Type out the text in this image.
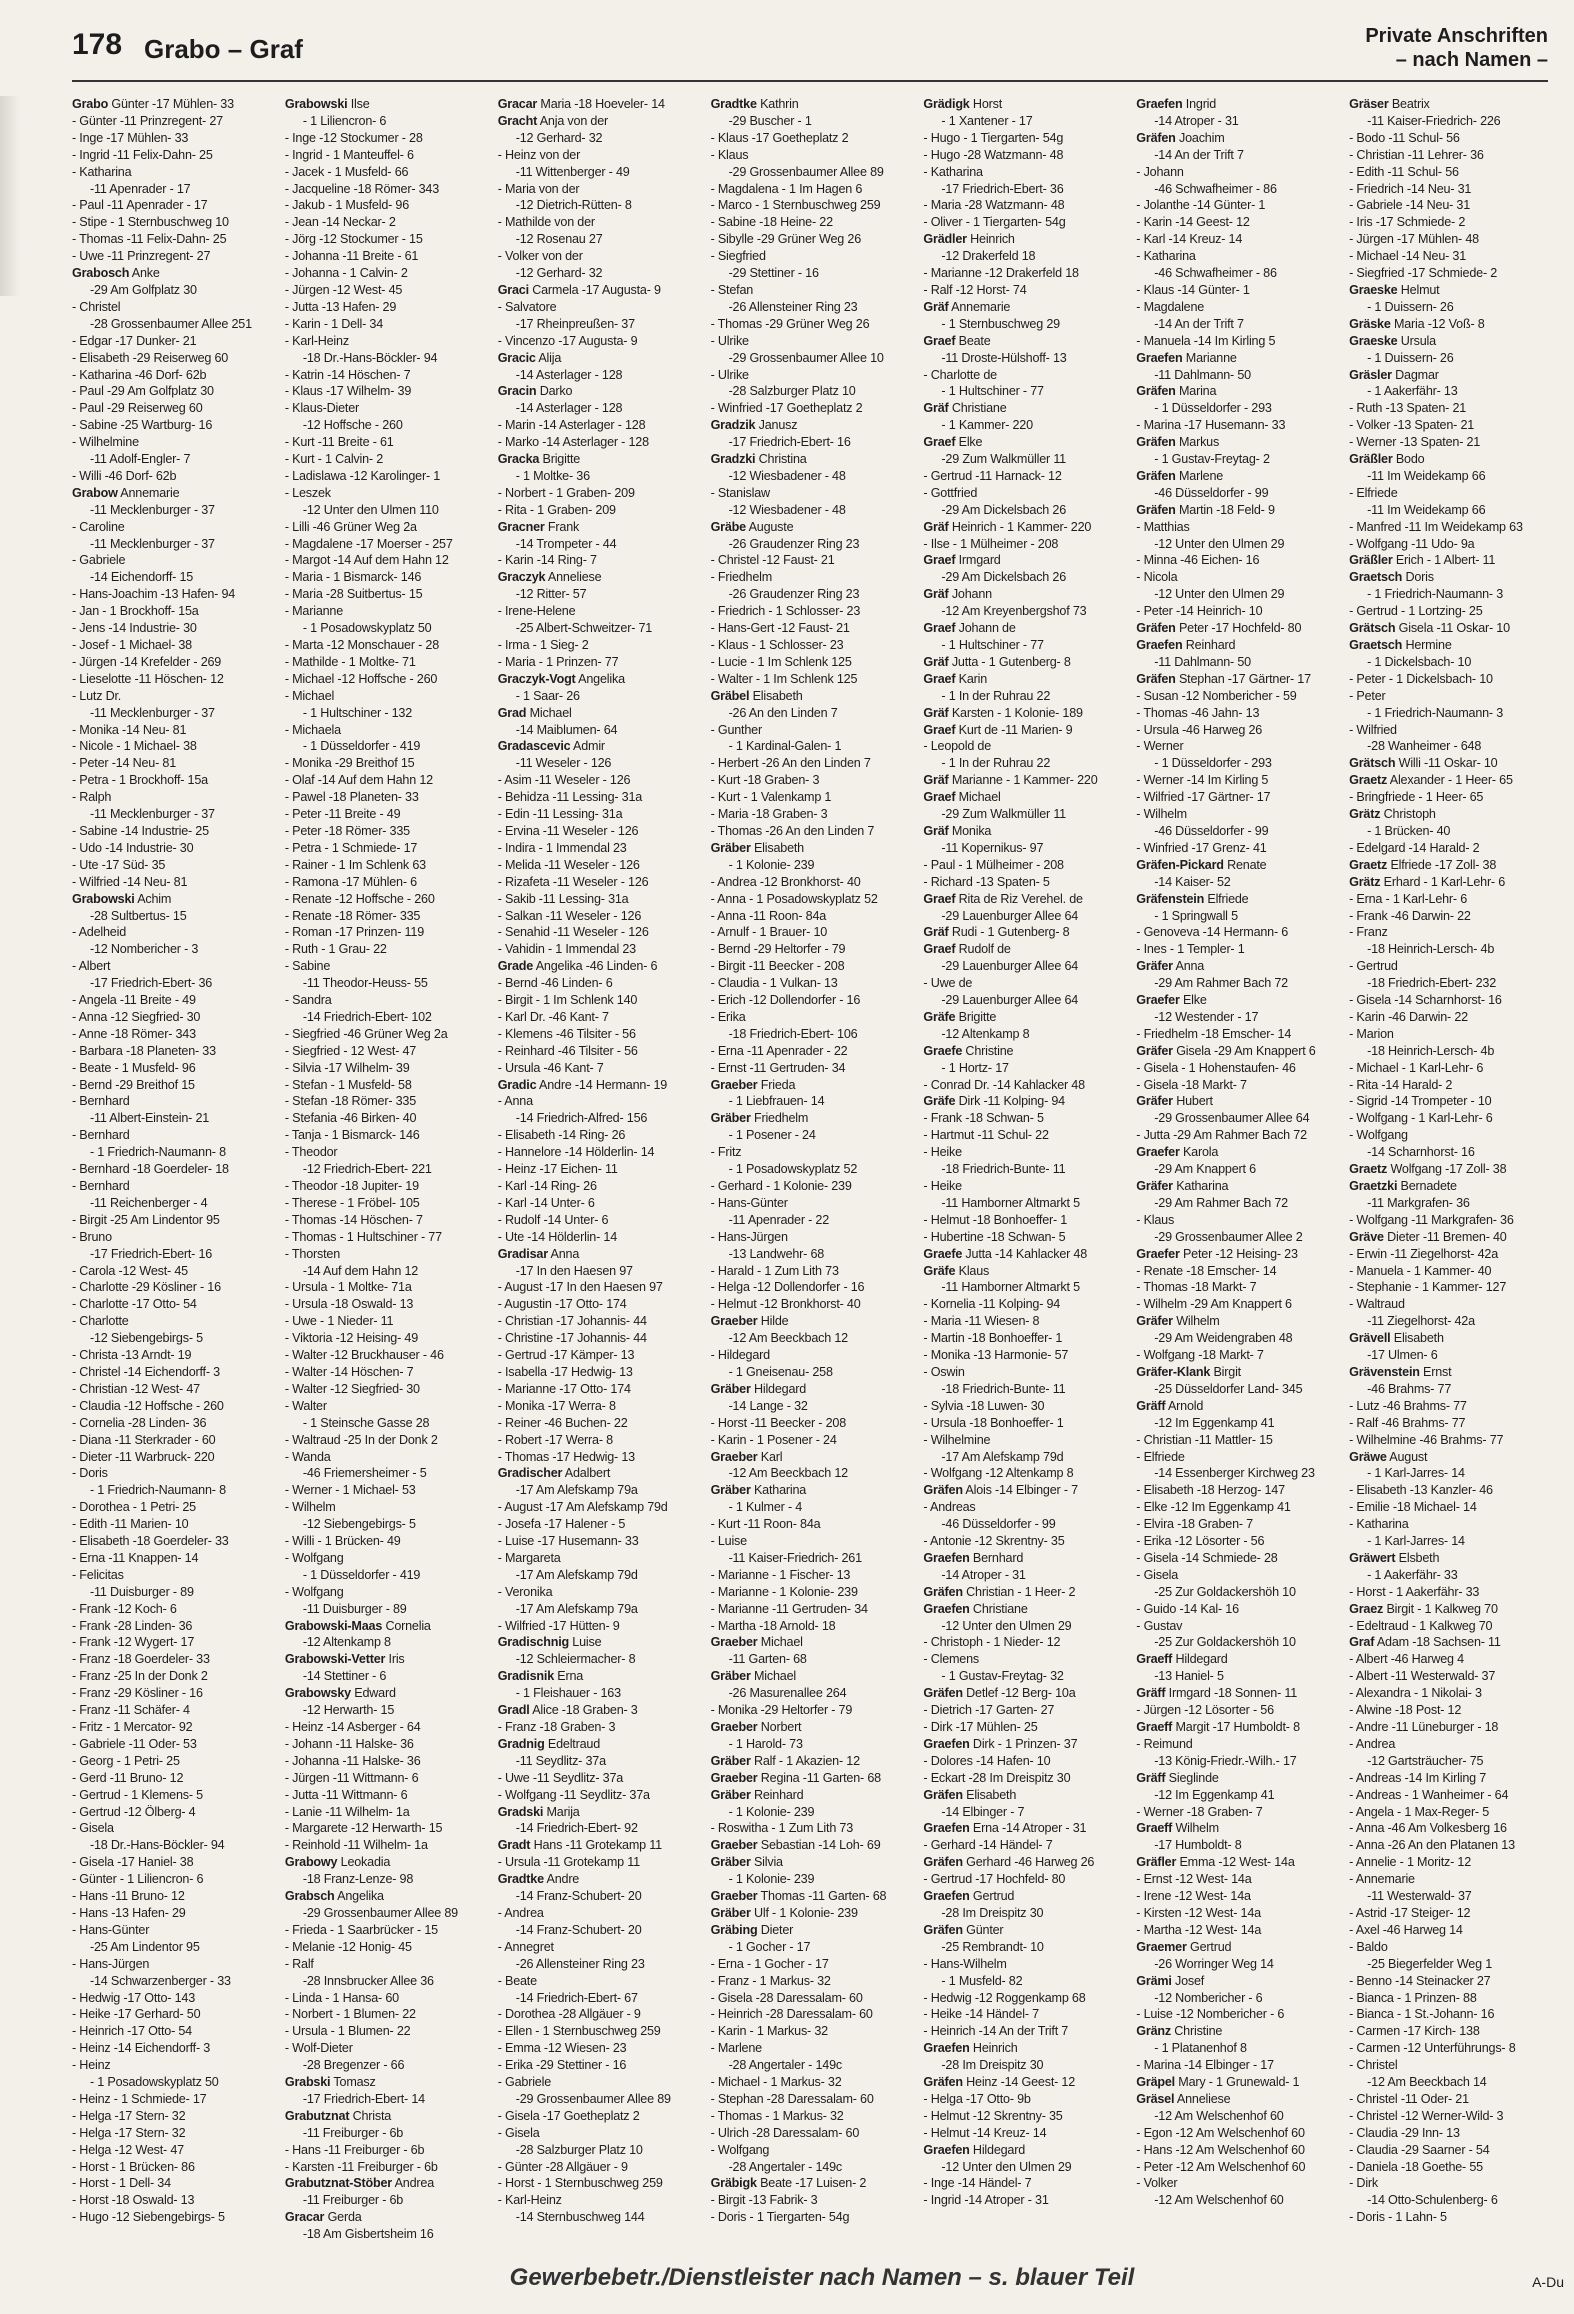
178 Grabo – Graf	Private Anschriften
– nach Namen –
Grabo Günter -17 Mühlen- 33
- Günter -11 Prinzregent- 27
- Inge -17 Mühlen- 33
- Ingrid -11 Felix-Dahn- 25
- Katharina
-11 Apenrader - 17
- Paul -11 Apenrader - 17
- Stipe - 1 Sternbuschweg 10
- Thomas -11 Felix-Dahn- 25
- Uwe -11 Prinzregent- 27
Grabosch Anke
-29 Am Golfplatz 30
- Christel
-28 Grossenbaumer Allee 251
- Edgar -17 Dunker- 21
- Elisabeth -29 Reiserweg 60
- Katharina -46 Dorf- 62b
- Paul -29 Am Golfplatz 30
- Paul -29 Reiserweg 60
- Sabine -25 Wartburg- 16
- Wilhelmine
-11 Adolf-Engler- 7
- Willi -46 Dorf- 62b
Grabow Annemarie
-11 Mecklenburger - 37
- Caroline
-11 Mecklenburger - 37
- Gabriele
-14 Eichendorff- 15
- Hans-Joachim -13 Hafen- 94
- Jan - 1 Brockhoff- 15a
- Jens -14 Industrie- 30
- Josef - 1 Michael- 38
- Jürgen -14 Krefelder - 269
- Lieselotte -11 Höschen- 12
- Lutz Dr.
-11 Mecklenburger - 37
- Monika -14 Neu- 81
- Nicole - 1 Michael- 38
- Peter -14 Neu- 81
- Petra - 1 Brockhoff- 15a
- Ralph
-11 Mecklenburger - 37
- Sabine -14 Industrie- 25
- Udo -14 Industrie- 30
- Ute -17 Süd- 35
- Wilfried -14 Neu- 81
Grabowski Achim
-28 Sultbertus- 15
- Adelheid
-12 Nombericher - 3
- Albert
-17 Friedrich-Ebert- 36
- Angela -11 Breite - 49
- Anna -12 Siegfried- 30
- Anne -18 Römer- 343
- Barbara -18 Planeten- 33
- Beate - 1 Musfeld- 96
- Bernd -29 Breithof 15
- Bernhard
-11 Albert-Einstein- 21
- Bernhard
- 1 Friedrich-Naumann- 8
- Bernhard -18 Goerdeler- 18
- Bernhard
-11 Reichenberger - 4
- Birgit -25 Am Lindentor 95
- Bruno
-17 Friedrich-Ebert- 16
- Carola -12 West- 45
- Charlotte -29 Kösliner - 16
- Charlotte -17 Otto- 54
- Charlotte
-12 Siebengebirgs- 5
- Christa -13 Arndt- 19
- Christel -14 Eichendorff- 3
- Christian -12 West- 47
- Claudia -12 Hoffsche - 260
- Cornelia -28 Linden- 36
- Diana -11 Sterkrader - 60
- Dieter -11 Warbruck- 220
- Doris
- 1 Friedrich-Naumann- 8
- Dorothea - 1 Petri- 25
- Edith -11 Marien- 10
- Elisabeth -18 Goerdeler- 33
- Erna -11 Knappen- 14
- Felicitas
-11 Duisburger - 89
- Frank -12 Koch- 6
- Frank -28 Linden- 36
- Frank -12 Wygert- 17
- Franz -18 Goerdeler- 33
- Franz -25 In der Donk 2
- Franz -29 Kösliner - 16
- Franz -11 Schäfer- 4
- Fritz - 1 Mercator- 92
- Gabriele -11 Oder- 53
- Georg - 1 Petri- 25
- Gerd -11 Bruno- 12
- Gertrud - 1 Klemens- 5
- Gertrud -12 Ölberg- 4
- Gisela
-18 Dr.-Hans-Böckler- 94
- Gisela -17 Haniel- 38
- Günter - 1 Liliencron- 6
- Hans -11 Bruno- 12
- Hans -13 Hafen- 29
- Hans-Günter
-25 Am Lindentor 95
- Hans-Jürgen
-14 Schwarzenberger - 33
- Hedwig -17 Otto- 143
- Heike -17 Gerhard- 50
- Heinrich -17 Otto- 54
- Heinz -14 Eichendorff- 3
- Heinz
- 1 Posadowskyplatz 50
- Heinz - 1 Schmiede- 17
- Helga -17 Stern- 32
- Helga -17 Stern- 32
- Helga -12 West- 47
- Horst - 1 Brücken- 86
- Horst - 1 Dell- 34
- Horst -18 Oswald- 13
- Hugo -12 Siebengebirgs- 5
Grabowski Ilse
- 1 Liliencron- 6
- Inge -12 Stockumer - 28
- Ingrid - 1 Manteuffel- 6
- Jacek - 1 Musfeld- 66
- Jacqueline -18 Römer- 343
- Jakub - 1 Musfeld- 96
- Jean -14 Neckar- 2
- Jörg -12 Stockumer - 15
- Johanna -11 Breite - 61
- Johanna - 1 Calvin- 2
- Jürgen -12 West- 45
- Jutta -13 Hafen- 29
- Karin - 1 Dell- 34
- Karl-Heinz
-18 Dr.-Hans-Böckler- 94
- Katrin -14 Höschen- 7
- Klaus -17 Wilhelm- 39
- Klaus-Dieter
-12 Hoffsche - 260
- Kurt -11 Breite - 61
- Kurt - 1 Calvin- 2
- Ladislawa -12 Karolinger- 1
- Leszek
-12 Unter den Ulmen 110
- Lilli -46 Grüner Weg 2a
- Magdalene -17 Moerser - 257
- Margot -14 Auf dem Hahn 12
- Maria - 1 Bismarck- 146
- Maria -28 Suitbertus- 15
- Marianne
- 1 Posadowskyplatz 50
- Marta -12 Monschauer - 28
- Mathilde - 1 Moltke- 71
- Michael -12 Hoffsche - 260
- Michael
- 1 Hultschiner - 132
- Michaela
- 1 Düsseldorfer - 419
- Monika -29 Breithof 15
- Olaf -14 Auf dem Hahn 12
- Pawel -18 Planeten- 33
- Peter -11 Breite - 49
- Peter -18 Römer- 335
- Petra - 1 Schmiede- 17
- Rainer - 1 Im Schlenk 63
- Ramona -17 Mühlen- 6
- Renate -12 Hoffsche - 260
- Renate -18 Römer- 335
- Roman -17 Prinzen- 119
- Ruth - 1 Grau- 22
- Sabine
-11 Theodor-Heuss- 55
- Sandra
-14 Friedrich-Ebert- 102
- Siegfried -46 Grüner Weg 2a
- Siegfried - 12 West- 47
- Silvia -17 Wilhelm- 39
- Stefan - 1 Musfeld- 58
- Stefan -18 Römer- 335
- Stefania -46 Birken- 40
- Tanja - 1 Bismarck- 146
- Theodor
-12 Friedrich-Ebert- 221
- Theodor -18 Jupiter- 19
- Therese - 1 Fröbel- 105
- Thomas -14 Höschen- 7
- Thomas - 1 Hultschiner - 77
- Thorsten
-14 Auf dem Hahn 12
- Ursula - 1 Moltke- 71a
- Ursula -18 Oswald- 13
- Uwe - 1 Nieder- 11
- Viktoria -12 Heising- 49
- Walter -12 Bruckhauser - 46
- Walter -14 Höschen- 7
- Walter -12 Siegfried- 30
- Walter
- 1 Steinsche Gasse 28
- Waltraud -25 In der Donk 2
- Wanda
-46 Friemersheimer - 5
- Werner - 1 Michael- 53
- Wilhelm
-12 Siebengebirgs- 5
- Willi - 1 Brücken- 49
- Wolfgang
- 1 Düsseldorfer - 419
- Wolfgang
-11 Duisburger - 89
Grabowski-Maas Cornelia
-12 Altenkamp 8
Grabowski-Vetter Iris
-14 Stettiner - 6
Grabowsky Edward
-12 Herwarth- 15
- Heinz -14 Asberger - 64
- Johann -11 Halske- 36
- Johanna -11 Halske- 36
- Jürgen -11 Wittmann- 6
- Jutta -11 Wittmann- 6
- Lanie -11 Wilhelm- 1a
- Margarete -12 Herwarth- 15
- Reinhold -11 Wilhelm- 1a
Grabowy Leokadia
-18 Franz-Lenze- 98
Grabsch Angelika
-29 Grossenbaumer Allee 89
- Frieda - 1 Saarbrücker - 15
- Melanie -12 Honig- 45
- Ralf
-28 Innsbrucker Allee 36
- Linda - 1 Hansa- 60
- Norbert - 1 Blumen- 22
- Ursula - 1 Blumen- 22
- Wolf-Dieter
-28 Bregenzer - 66
Grabski Tomasz
-17 Friedrich-Ebert- 14
Grabutznat Christa
-11 Freiburger - 6b
- Hans -11 Freiburger - 6b
- Karsten -11 Freiburger - 6b
Grabutznat-Stöber Andrea
-11 Freiburger - 6b
Gracar Gerda
-18 Am Gisbertsheim 16
Gracar Maria -18 Hoeveler- 14
Gracht Anja von der
-12 Gerhard- 32
- Heinz von der
-11 Wittenberger - 49
- Maria von der
-12 Dietrich-Rütten- 8
- Mathilde von der
-12 Rosenau 27
- Volker von der
-12 Gerhard- 32
Graci Carmela -17 Augusta- 9
- Salvatore
-17 Rheinpreußen- 37
- Vincenzo -17 Augusta- 9
Gracic Alija
-14 Asterlager - 128
Gracin Darko
-14 Asterlager - 128
- Marin -14 Asterlager - 128
- Marko -14 Asterlager - 128
Gracka Brigitte
- 1 Moltke- 36
- Norbert - 1 Graben- 209
- Rita - 1 Graben- 209
Gracner Frank
-14 Trompeter - 44
- Karin -14 Ring- 7
Graczyk Anneliese
-12 Ritter- 57
- Irene-Helene
-25 Albert-Schweitzer- 71
- Irma - 1 Sieg- 2
- Maria - 1 Prinzen- 77
Graczyk-Vogt Angelika
- 1 Saar- 26
Grad Michael
-14 Maiblumen- 64
Gradascevic Admir
-11 Weseler - 126
- Asim -11 Weseler - 126
- Behidza -11 Lessing- 31a
- Edin -11 Lessing- 31a
- Ervina -11 Weseler - 126
- Indira - 1 Immendal 23
- Melida -11 Weseler - 126
- Rizafeta -11 Weseler - 126
- Sakib -11 Lessing- 31a
- Salkan -11 Weseler - 126
- Senahid -11 Weseler - 126
- Vahidin - 1 Immendal 23
Grade Angelika -46 Linden- 6
- Bernd -46 Linden- 6
- Birgit - 1 Im Schlenk 140
- Karl Dr. -46 Kant- 7
- Klemens -46 Tilsiter - 56
- Reinhard -46 Tilsiter - 56
- Ursula -46 Kant- 7
Gradic Andre -14 Hermann- 19
- Anna
-14 Friedrich-Alfred- 156
- Elisabeth -14 Ring- 26
- Hannelore -14 Hölderlin- 14
- Heinz -17 Eichen- 11
- Karl -14 Ring- 26
- Karl -14 Unter- 6
- Rudolf -14 Unter- 6
- Ute -14 Hölderlin- 14
Gradisar Anna
-17 In den Haesen 97
- August -17 In den Haesen 97
- Augustin -17 Otto- 174
- Christian -17 Johannis- 44
- Christine -17 Johannis- 44
- Gertrud -17 Kämper- 13
- Isabella -17 Hedwig- 13
- Marianne -17 Otto- 174
- Monika -17 Werra- 8
- Reiner -46 Buchen- 22
- Robert -17 Werra- 8
- Thomas -17 Hedwig- 13
Gradischer Adalbert
-17 Am Alefskamp 79a
- August -17 Am Alefskamp 79d
- Josefa -17 Halener - 5
- Luise -17 Husemann- 33
- Margareta
-17 Am Alefskamp 79d
- Veronika
-17 Am Alefskamp 79a
- Wilfried -17 Hütten- 9
Gradischnig Luise
-12 Schleiermacher- 8
Gradisnik Erna
- 1 Fleishauer - 163
Gradl Alice -18 Graben- 3
- Franz -18 Graben- 3
Gradnig Edeltraud
-11 Seydlitz- 37a
- Uwe -11 Seydlitz- 37a
- Wolfgang -11 Seydlitz- 37a
Gradski Marija
-14 Friedrich-Ebert- 92
Gradt Hans -11 Grotekamp 11
- Ursula -11 Grotekamp 11
Gradtke Andre
-14 Franz-Schubert- 20
- Andrea
-14 Franz-Schubert- 20
- Annegret
-26 Allensteiner Ring 23
- Beate
-14 Friedrich-Ebert- 67
- Dorothea -28 Allgäuer - 9
- Ellen - 1 Sternbuschweg 259
- Emma -12 Wiesen- 23
- Erika -29 Stettiner - 16
- Gabriele
-29 Grossenbaumer Allee 89
- Gisela -17 Goetheplatz 2
- Gisela
-28 Salzburger Platz 10
- Günter -28 Allgäuer - 9
- Horst - 1 Sternbuschweg 259
- Karl-Heinz
-14 Sternbuschweg 144
Gradtke Kathrin
-29 Buscher - 1
- Klaus -17 Goetheplatz 2
- Klaus
-29 Grossenbaumer Allee 89
- Magdalena - 1 Im Hagen 6
- Marco - 1 Sternbuschweg 259
- Sabine -18 Heine- 22
- Sibylle -29 Grüner Weg 26
- Siegfried
-29 Stettiner - 16
- Stefan
-26 Allensteiner Ring 23
- Thomas -29 Grüner Weg 26
- Ulrike
-29 Grossenbaumer Allee 10
- Ulrike
-28 Salzburger Platz 10
- Winfried -17 Goetheplatz 2
Gradzik Janusz
-17 Friedrich-Ebert- 16
Gradzki Christina
-12 Wiesbadener - 48
- Stanislaw
-12 Wiesbadener - 48
Gräbe Auguste
-26 Graudenzer Ring 23
- Christel -12 Faust- 21
- Friedhelm
-26 Graudenzer Ring 23
- Friedrich - 1 Schlosser- 23
- Hans-Gert -12 Faust- 21
- Klaus - 1 Schlosser- 23
- Lucie - 1 Im Schlenk 125
- Walter - 1 Im Schlenk 125
Gräbel Elisabeth
-26 An den Linden 7
- Gunther
- 1 Kardinal-Galen- 1
- Herbert -26 An den Linden 7
- Kurt -18 Graben- 3
- Kurt - 1 Valenkamp 1
- Maria -18 Graben- 3
- Thomas -26 An den Linden 7
Gräber Elisabeth
- 1 Kolonie- 239
- Andrea -12 Bronkhorst- 40
- Anna - 1 Posadowskyplatz 52
- Anna -11 Roon- 84a
- Arnulf - 1 Brauer- 10
- Bernd -29 Heltorfer - 79
- Birgit -11 Beecker - 208
- Claudia - 1 Vulkan- 13
- Erich -12 Dollendorfer - 16
- Erika
-18 Friedrich-Ebert- 106
- Erna -11 Apenrader - 22
- Ernst -11 Gertruden- 34
Graeber Frieda
- 1 Liebfrauen- 14
Gräber Friedhelm
- 1 Posener - 24
- Fritz
- 1 Posadowskyplatz 52
- Gerhard - 1 Kolonie- 239
- Hans-Günter
-11 Apenrader - 22
- Hans-Jürgen
-13 Landwehr- 68
- Harald - 1 Zum Lith 73
- Helga -12 Dollendorfer - 16
- Helmut -12 Bronkhorst- 40
Graeber Hilde
-12 Am Beeckbach 12
- Hildegard
- 1 Gneisenau- 258
Gräber Hildegard
-14 Lange - 32
- Horst -11 Beecker - 208
- Karin - 1 Posener - 24
Graeber Karl
-12 Am Beeckbach 12
Gräber Katharina
- 1 Kulmer - 4
- Kurt -11 Roon- 84a
- Luise
-11 Kaiser-Friedrich- 261
- Marianne - 1 Fischer- 13
- Marianne - 1 Kolonie- 239
- Marianne -11 Gertruden- 34
- Martha -18 Arnold- 18
Graeber Michael
-11 Garten- 68
Gräber Michael
-26 Masurenallee 264
- Monika -29 Heltorfer - 79
Graeber Norbert
- 1 Harold- 73
Gräber Ralf - 1 Akazien- 12
Graeber Regina -11 Garten- 68
Gräber Reinhard
- 1 Kolonie- 239
- Roswitha - 1 Zum Lith 73
Graeber Sebastian -14 Loh- 69
Gräber Silvia
- 1 Kolonie- 239
Graeber Thomas -11 Garten- 68
Gräber Ulf - 1 Kolonie- 239
Gräbing Dieter
- 1 Gocher - 17
- Erna - 1 Gocher - 17
- Franz - 1 Markus- 32
- Gisela -28 Daressalam- 60
- Heinrich -28 Daressalam- 60
- Karin - 1 Markus- 32
- Marlene
-28 Angertaler - 149c
- Michael - 1 Markus- 32
- Stephan -28 Daressalam- 60
- Thomas - 1 Markus- 32
- Ulrich -28 Daressalam- 60
- Wolfgang
-28 Angertaler - 149c
Gräbigk Beate -17 Luisen- 2
- Birgit -13 Fabrik- 3
- Doris - 1 Tiergarten- 54g
Grädigk Horst
- 1 Xantener - 17
- Hugo - 1 Tiergarten- 54g
- Hugo -28 Watzmann- 48
- Katharina
-17 Friedrich-Ebert- 36
- Maria -28 Watzmann- 48
- Oliver - 1 Tiergarten- 54g
Grädler Heinrich
-12 Drakerfeld 18
- Marianne -12 Drakerfeld 18
- Ralf -12 Horst- 74
Gräf Annemarie
- 1 Sternbuschweg 29
Graef Beate
-11 Droste-Hülshoff- 13
- Charlotte de
- 1 Hultschiner - 77
Gräf Christiane
- 1 Kammer- 220
Graef Elke
-29 Zum Walkmüller 11
- Gertrud -11 Harnack- 12
- Gottfried
-29 Am Dickelsbach 26
Gräf Heinrich - 1 Kammer- 220
- Ilse - 1 Mülheimer - 208
Graef Irmgard
-29 Am Dickelsbach 26
Gräf Johann
-12 Am Kreyenbergshof 73
Graef Johann de
- 1 Hultschiner - 77
Gräf Jutta - 1 Gutenberg- 8
Graef Karin
- 1 In der Ruhrau 22
Gräf Karsten - 1 Kolonie- 189
Graef Kurt de -11 Marien- 9
- Leopold de
- 1 In der Ruhrau 22
Gräf Marianne - 1 Kammer- 220
Graef Michael
-29 Zum Walkmüller 11
Gräf Monika
-11 Kopernikus- 97
- Paul - 1 Mülheimer - 208
- Richard -13 Spaten- 5
Graef Rita de Riz Verehel. de
-29 Lauenburger Allee 64
Gräf Rudi - 1 Gutenberg- 8
Graef Rudolf de
-29 Lauenburger Allee 64
- Uwe de
-29 Lauenburger Allee 64
Gräfe Brigitte
-12 Altenkamp 8
Graefe Christine
- 1 Hortz- 17
- Conrad Dr. -14 Kahlacker 48
Gräfe Dirk -11 Kolping- 94
- Frank -18 Schwan- 5
- Hartmut -11 Schul- 22
- Heike
-18 Friedrich-Bunte- 11
- Heike
-11 Hamborner Altmarkt 5
- Helmut -18 Bonhoeffer- 1
- Hubertine -18 Schwan- 5
Graefe Jutta -14 Kahlacker 48
Gräfe Klaus
-11 Hamborner Altmarkt 5
- Kornelia -11 Kolping- 94
- Maria -11 Wiesen- 8
- Martin -18 Bonhoeffer- 1
- Monika -13 Harmonie- 57
- Oswin
-18 Friedrich-Bunte- 11
- Sylvia -18 Luwen- 30
- Ursula -18 Bonhoeffer- 1
- Wilhelmine
-17 Am Alefskamp 79d
- Wolfgang -12 Altenkamp 8
Gräfen Alois -14 Elbinger - 7
- Andreas
-46 Düsseldorfer - 99
- Antonie -12 Skrentny- 35
Graefen Bernhard
-14 Atroper - 31
Gräfen Christian - 1 Heer- 2
Graefen Christiane
-12 Unter den Ulmen 29
- Christoph - 1 Nieder- 12
- Clemens
- 1 Gustav-Freytag- 32
Gräfen Detlef -12 Berg- 10a
- Dietrich -17 Garten- 27
- Dirk -17 Mühlen- 25
Graefen Dirk - 1 Prinzen- 37
- Dolores -14 Hafen- 10
- Eckart -28 Im Dreispitz 30
Gräfen Elisabeth
-14 Elbinger - 7
Graefen Erna -14 Atroper - 31
- Gerhard -14 Händel- 7
Gräfen Gerhard -46 Harweg 26
- Gertrud -17 Hochfeld- 80
Graefen Gertrud
-28 Im Dreispitz 30
Gräfen Günter
-25 Rembrandt- 10
- Hans-Wilhelm
- 1 Musfeld- 82
- Hedwig -12 Roggenkamp 68
- Heike -14 Händel- 7
- Heinrich -14 An der Trift 7
Graefen Heinrich
-28 Im Dreispitz 30
Gräfen Heinz -14 Geest- 12
- Helga -17 Otto- 9b
- Helmut -12 Skrentny- 35
- Helmut -14 Kreuz- 14
Graefen Hildegard
-12 Unter den Ulmen 29
- Inge -14 Händel- 7
- Ingrid -14 Atroper - 31
Graefen Ingrid
-14 Atroper - 31
Gräfen Joachim
-14 An der Trift 7
- Johann
-46 Schwafheimer - 86
- Jolanthe -14 Günter- 1
- Karin -14 Geest- 12
- Karl -14 Kreuz- 14
- Katharina
-46 Schwafheimer - 86
- Klaus -14 Günter- 1
- Magdalene
-14 An der Trift 7
- Manuela -14 Im Kirling 5
Graefen Marianne
-11 Dahlmann- 50
Gräfen Marina
- 1 Düsseldorfer - 293
- Marina -17 Husemann- 33
Gräfen Markus
- 1 Gustav-Freytag- 2
Gräfen Marlene
-46 Düsseldorfer - 99
Gräfen Martin -18 Feld- 9
- Matthias
-12 Unter den Ulmen 29
- Minna -46 Eichen- 16
- Nicola
-12 Unter den Ulmen 29
- Peter -14 Heinrich- 10
Gräfen Peter -17 Hochfeld- 80
Graefen Reinhard
-11 Dahlmann- 50
Gräfen Stephan -17 Gärtner- 17
- Susan -12 Nombericher - 59
- Thomas -46 Jahn- 13
- Ursula -46 Harweg 26
- Werner
- 1 Düsseldorfer - 293
- Werner -14 Im Kirling 5
- Wilfried -17 Gärtner- 17
- Wilhelm
-46 Düsseldorfer - 99
- Winfried -17 Grenz- 41
Gräfen-Pickard Renate
-14 Kaiser- 52
Gräfenstein Elfriede
- 1 Springwall 5
- Genoveva -14 Hermann- 6
- Ines - 1 Templer- 1
Gräfer Anna
-29 Am Rahmer Bach 72
Graefer Elke
-12 Westender - 17
- Friedhelm -18 Emscher- 14
Gräfer Gisela -29 Am Knappert 6
- Gisela - 1 Hohenstaufen- 46
- Gisela -18 Markt- 7
Gräfer Hubert
-29 Grossenbaumer Allee 64
- Jutta -29 Am Rahmer Bach 72
Graefer Karola
-29 Am Knappert 6
Gräfer Katharina
-29 Am Rahmer Bach 72
- Klaus
-29 Grossenbaumer Allee 2
Graefer Peter -12 Heising- 23
- Renate -18 Emscher- 14
- Thomas -18 Markt- 7
- Wilhelm -29 Am Knappert 6
Gräfer Wilhelm
-29 Am Weidengraben 48
- Wolfgang -18 Markt- 7
Gräfer-Klank Birgit
-25 Düsseldorfer Land- 345
Gräff Arnold
-12 Im Eggenkamp 41
- Christian -11 Mattler- 15
- Elfriede
-14 Essenberger Kirchweg 23
- Elisabeth -18 Herzog- 147
- Elke -12 Im Eggenkamp 41
- Elvira -18 Graben- 7
- Erika -12 Lösorter - 56
- Gisela -14 Schmiede- 28
- Gisela
-25 Zur Goldackershöh 10
- Guido -14 Kal- 16
- Gustav
-25 Zur Goldackershöh 10
Graeff Hildegard
-13 Haniel- 5
Gräff Irmgard -18 Sonnen- 11
- Jürgen -12 Lösorter - 56
Graeff Margit -17 Humboldt- 8
- Reimund
-13 König-Friedr.-Wilh.- 17
Gräff Sieglinde
-12 Im Eggenkamp 41
- Werner -18 Graben- 7
Graeff Wilhelm
-17 Humboldt- 8
Gräfler Emma -12 West- 14a
- Ernst -12 West- 14a
- Irene -12 West- 14a
- Kirsten -12 West- 14a
- Martha -12 West- 14a
Graemer Gertrud
-26 Worringer Weg 14
Grämi Josef
-12 Nombericher - 6
- Luise -12 Nombericher - 6
Gränz Christine
- 1 Platanenhof 8
- Marina -14 Elbinger - 17
Gräpel Mary - 1 Grunewald- 1
Gräsel Anneliese
-12 Am Welschenhof 60
- Egon -12 Am Welschenhof 60
- Hans -12 Am Welschenhof 60
- Peter -12 Am Welschenhof 60
- Volker
-12 Am Welschenhof 60
Gräser Beatrix
-11 Kaiser-Friedrich- 226
- Bodo -11 Schul- 56
- Christian -11 Lehrer- 36
- Edith -11 Schul- 56
- Friedrich -14 Neu- 31
- Gabriele -14 Neu- 31
- Iris -17 Schmiede- 2
- Jürgen -17 Mühlen- 48
- Michael -14 Neu- 31
- Siegfried -17 Schmiede- 2
Graeske Helmut
- 1 Duissern- 26
Gräske Maria -12 Voß- 8
Graeske Ursula
- 1 Duissern- 26
Gräsler Dagmar
- 1 Aakerfähr- 13
- Ruth -13 Spaten- 21
- Volker -13 Spaten- 21
- Werner -13 Spaten- 21
Gräßler Bodo
-11 Im Weidekamp 66
- Elfriede
-11 Im Weidekamp 66
- Manfred -11 Im Weidekamp 63
- Wolfgang -11 Udo- 9a
Gräßler Erich - 1 Albert- 11
Graetsch Doris
- 1 Friedrich-Naumann- 3
- Gertrud - 1 Lortzing- 25
Grätsch Gisela -11 Oskar- 10
Graetsch Hermine
- 1 Dickelsbach- 10
- Peter - 1 Dickelsbach- 10
- Peter
- 1 Friedrich-Naumann- 3
- Wilfried
-28 Wanheimer - 648
Grätsch Willi -11 Oskar- 10
Graetz Alexander - 1 Heer- 65
- Bringfriede - 1 Heer- 65
Grätz Christoph
- 1 Brücken- 40
- Edelgard -14 Harald- 2
Graetz Elfriede -17 Zoll- 38
Grätz Erhard - 1 Karl-Lehr- 6
- Erna - 1 Karl-Lehr- 6
- Frank -46 Darwin- 22
- Franz
-18 Heinrich-Lersch- 4b
- Gertrud
-18 Friedrich-Ebert- 232
- Gisela -14 Scharnhorst- 16
- Karin -46 Darwin- 22
- Marion
-18 Heinrich-Lersch- 4b
- Michael - 1 Karl-Lehr- 6
- Rita -14 Harald- 2
- Sigrid -14 Trompeter - 10
- Wolfgang - 1 Karl-Lehr- 6
- Wolfgang
-14 Scharnhorst- 16
Graetz Wolfgang -17 Zoll- 38
Graetzki Bernadete
-11 Markgrafen- 36
- Wolfgang -11 Markgrafen- 36
Gräve Dieter -11 Bremen- 40
- Erwin -11 Ziegelhorst- 42a
- Manuela - 1 Kammer- 40
- Stephanie - 1 Kammer- 127
- Waltraud
-11 Ziegelhorst- 42a
Grävell Elisabeth
-17 Ulmen- 6
Grävenstein Ernst
-46 Brahms- 77
- Lutz -46 Brahms- 77
- Ralf -46 Brahms- 77
- Wilhelmine -46 Brahms- 77
Gräwe August
- 1 Karl-Jarres- 14
- Elisabeth -13 Kanzler- 46
- Emilie -18 Michael- 14
- Katharina
- 1 Karl-Jarres- 14
Gräwert Elsbeth
- 1 Aakerfähr- 33
- Horst - 1 Aakerfähr- 33
Graez Birgit - 1 Kalkweg 70
- Edeltraud - 1 Kalkweg 70
Graf Adam -18 Sachsen- 11
- Albert -46 Harweg 4
- Albert -11 Westerwald- 37
- Alexandra - 1 Nikolai- 3
- Alwine -18 Post- 12
- Andre -11 Lüneburger - 18
- Andrea
-12 Gartsträucher- 75
- Andreas -14 Im Kirling 7
- Andreas - 1 Wanheimer - 64
- Angela - 1 Max-Reger- 5
- Anna -46 Am Volkesberg 16
- Anna -26 An den Platanen 13
- Annelie - 1 Moritz- 12
- Annemarie
-11 Westerwald- 37
- Astrid -17 Steiger- 12
- Axel -46 Harweg 14
- Baldo
-25 Biegerfelder Weg 1
- Benno -14 Steinacker 27
- Bianca - 1 Prinzen- 88
- Bianca - 1 St.-Johann- 16
- Carmen -17 Kirch- 138
- Carmen -12 Unterführungs- 8
- Christel
-12 Am Beeckbach 14
- Christel -11 Oder- 21
- Christel -12 Werner-Wild- 3
- Claudia -29 Inn- 13
- Claudia -29 Saarner - 54
- Daniela -18 Goethe- 55
- Dirk
-14 Otto-Schulenberg- 6
- Doris - 1 Lahn- 5
Gewerbebetr./Dienstleister nach Namen – s. blauer Teil	A-Du
